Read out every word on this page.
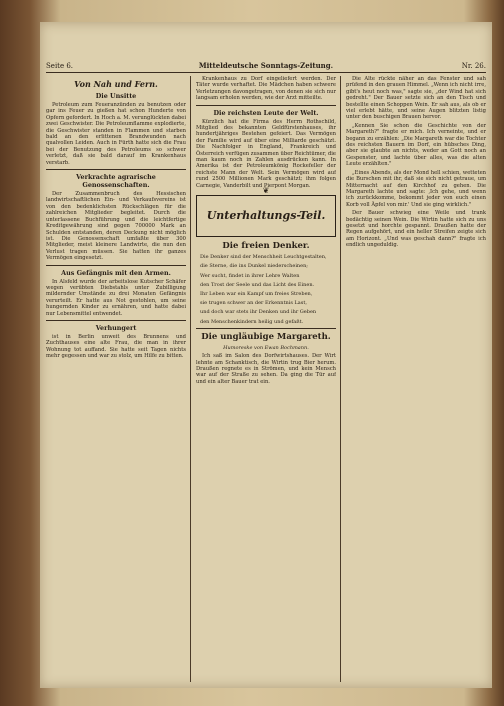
Seite 6.	Mitteldeutsche Sonntags-Zeitung.	Nr. 26.
Von Nah und Fern.
Die Unsitte

Petroleum zum Feueranzünden zu benutzen oder gar ins Feuer zu gießen hat schon Hunderte von Opfern gefordert. In Hoch a. M. verunglückten dabei zwei Geschwister. Die Petroleumflamme explodierte, die Geschwister standen in Flammen und starben bald an den erlittenen Brandwunden nach qualvollen Leiden. Auch in Fürth hatte sich die Frau bei der Benutzung des Petroleums so schwer verletzt, daß sie bald darauf im Krankenhaus verstarb.

Verkrachte agrarische Genossenschaften.

Der Zusammenbruch des Hessischen landwirtschaftlichen Ein- und Verkaufsvereins ist von den bedenklichsten Rückschlägen für die zahlreichen Mitglieder begleitet. Durch die unterlassene Buchführung und die leichtfertige Kreditgewährung sind gegen 700000 Mark an Schulden entstanden, deren Deckung nicht möglich ist. Die Genossenschaft umfaßte über 300 Mitglieder, meist kleinere Landwirte, die nun den Verlust tragen müssen. Sie hatten ihr ganzes Vermögen eingesetzt.

Aus Gefängnis mit den Armen.

In Alsfeld wurde der arbeitslose Kutscher Schäfer wegen verübten Diebstahls unter Zubilligung mildernder Umstände zu drei Monaten Gefängnis verurteilt. Er hatte aus Not gestohlen, um seine hungernden Kinder zu ernähren, und hatte dabei nur Lebensmittel entwendet.

Verhungert

ist in Berlin unweit des Brunnens und Zuchthauses eine alte Frau, die man in ihrer Wohnung tot auffand. Sie hatte seit Tagen nichts mehr gegessen und war zu stolz, um Hilfe zu bitten.

Krankenhaus zu Dorf eingeliefert werden. Der Täter wurde verhaftet. Die Mädchen haben schwere Verletzungen davongetragen, von denen sie sich nur langsam erholen werden, wie der Arzt mitteilte.

Die reichsten Leute der Welt.

Kürzlich hat die Firma des Herrn Rothschild, Mitglied des bekannten Geldfürstenhauses, ihr hundertjähriges Bestehen gefeiert. Das Vermögen der Familie wird auf über eine Milliarde geschätzt. Die Nachfolger in England, Frankreich und Österreich verfügen zusammen über Reichtümer, die man kaum noch in Zahlen ausdrücken kann. In Amerika ist der Petroleumkönig Rockefeller der reichste Mann der Welt. Sein Vermögen wird auf rund 2500 Millionen Mark geschätzt; ihm folgen Carnegie, Vanderbilt und Pierpont Morgan.

❦
Unterhaltungs-Teil.
Die freien Denker.

Die Denker sind der Menschheit Leuchtgestalten,

die Sterne, die ins Dunkel niederscheinen;

Wer sucht, findet in ihrer Lehre Walten

den Trost der Seele und das Licht des Einen.

Ihr Leben war ein Kampf um freies Streben,

sie trugen schwer an der Erkenntnis Last,

und doch war stets ihr Denken und ihr Geben

den Menschenkindern heilig und gefaßt.

Die ungläubige Margareth.
Humoreske von Ewan Bochmann.

Ich saß im Salon des Dorfwirtshauses. Der Wirt lehnte am Schanktisch, die Wirtin trug Bier herum. Draußen regnete es in Strömen, und kein Mensch war auf der Straße zu sehen. Da ging die Tür auf und ein alter Bauer trat ein.

Die Alte rückte näher an das Fenster und sah prüfend in den grauen Himmel. „Wenn ich nicht irre, gibt's heut noch was," sagte sie, „der Wind hat sich gedreht." Der Bauer setzte sich an den Tisch und bestellte einen Schoppen Wein. Er sah aus, als ob er viel erlebt hätte, und seine Augen blitzten listig unter den buschigen Brauen hervor.

„Kennen Sie schon die Geschichte von der Margareth?" fragte er mich. Ich verneinte, und er begann zu erzählen: „Die Margareth war die Tochter des reichsten Bauern im Dorf, ein hübsches Ding, aber sie glaubte an nichts, weder an Gott noch an Gespenster, und lachte über alles, was die alten Leute erzählten."

„Eines Abends, als der Mond hell schien, wetteten die Burschen mit ihr, daß sie sich nicht getraue, um Mitternacht auf den Kirchhof zu gehen. Die Margareth lachte und sagte: ‚Ich gehe, und wenn ich zurückkomme, bekommt jeder von euch einen Korb voll Äpfel von mir.' Und sie ging wirklich."

Der Bauer schwieg eine Weile und trank bedächtig seinen Wein. Die Wirtin hatte sich zu uns gesetzt und horchte gespannt. Draußen hatte der Regen aufgehört, und ein heller Streifen zeigte sich am Horizont. „Und was geschah dann?" fragte ich endlich ungeduldig.
